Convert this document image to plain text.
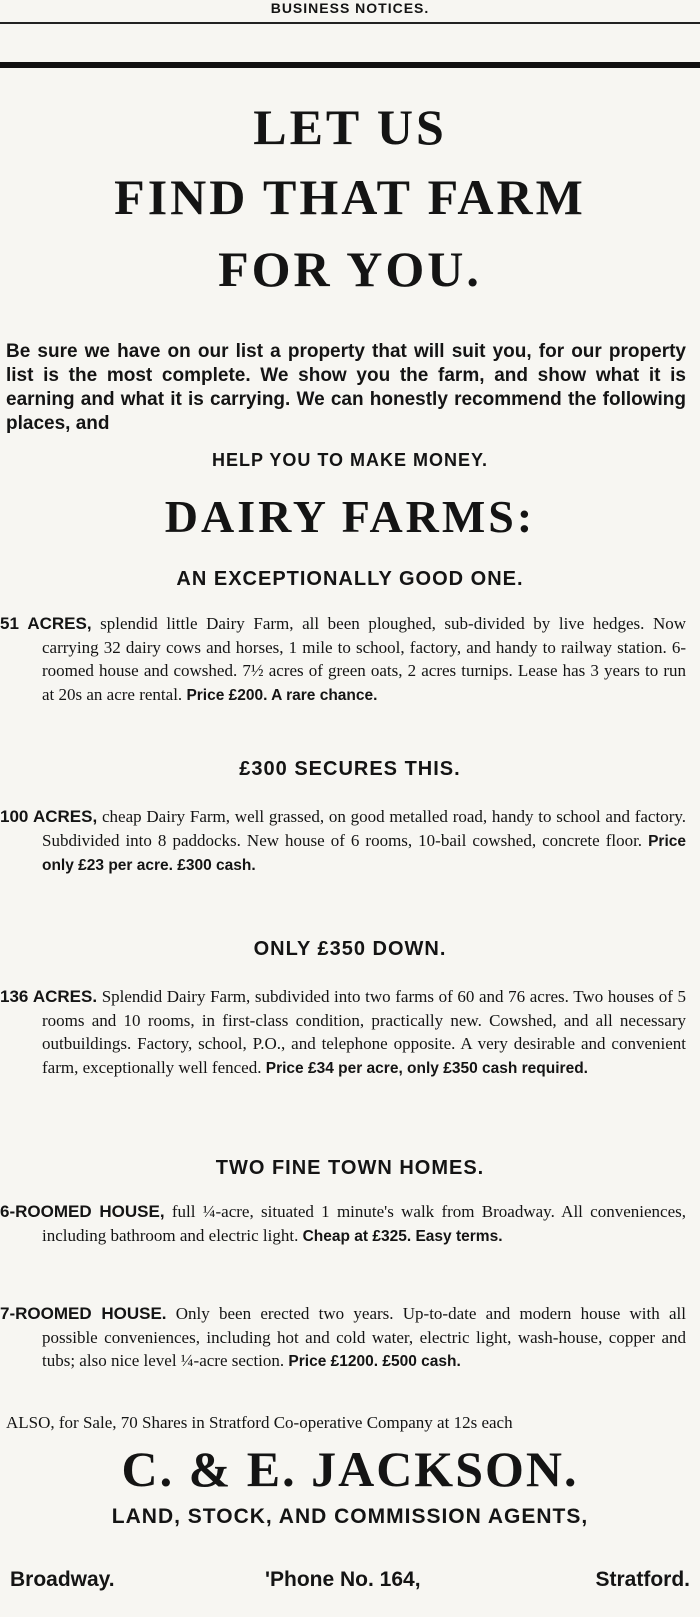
BUSINESS NOTICES.
LET US
FIND THAT FARM
FOR YOU.
Be sure we have on our list a property that will suit you, for our property list is the most complete. We show you the farm, and show what it is earning and what it is carrying. We can honestly recommend the following places, and
HELP YOU TO MAKE MONEY.
DAIRY FARMS:
AN EXCEPTIONALLY GOOD ONE.
51 ACRES, splendid little Dairy Farm, all been ploughed, sub-divided by live hedges. Now carrying 32 dairy cows and horses, 1 mile to school, factory, and handy to railway station. 6-roomed house and cowshed. 7½ acres of green oats, 2 acres turnips. Lease has 3 years to run at 20s an acre rental. Price £200. A rare chance.
£300 SECURES THIS.
100 ACRES, cheap Dairy Farm, well grassed, on good metalled road, handy to school and factory. Subdivided into 8 paddocks. New house of 6 rooms, 10-bail cowshed, concrete floor. Price only £23 per acre. £300 cash.
ONLY £350 DOWN.
136 ACRES. Splendid Dairy Farm, subdivided into two farms of 60 and 76 acres. Two houses of 5 rooms and 10 rooms, in first-class condition, practically new. Cowshed, and all necessary outbuildings. Factory, school, P.O., and telephone opposite. A very desirable and convenient farm, exceptionally well fenced. Price £34 per acre, only £350 cash required.
TWO FINE TOWN HOMES.
6-ROOMED HOUSE, full ¼-acre, situated 1 minute's walk from Broadway. All conveniences, including bathroom and electric light. Cheap at £325. Easy terms.
7-ROOMED HOUSE. Only been erected two years. Up-to-date and modern house with all possible conveniences, including hot and cold water, electric light, wash-house, copper and tubs; also nice level ¼-acre section. Price £1200. £500 cash.
ALSO, for Sale, 70 Shares in Stratford Co-operative Company at 12s each
C. & E. JACKSON.
LAND, STOCK, AND COMMISSION AGENTS,
Broadway.	'Phone No. 164,	Stratford.
